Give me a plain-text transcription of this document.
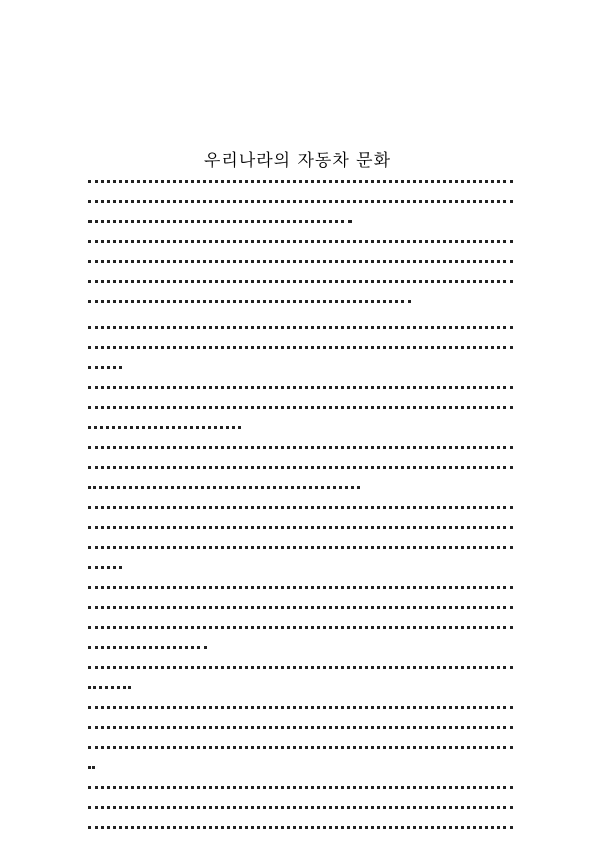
우리나라의 자동차 문화
